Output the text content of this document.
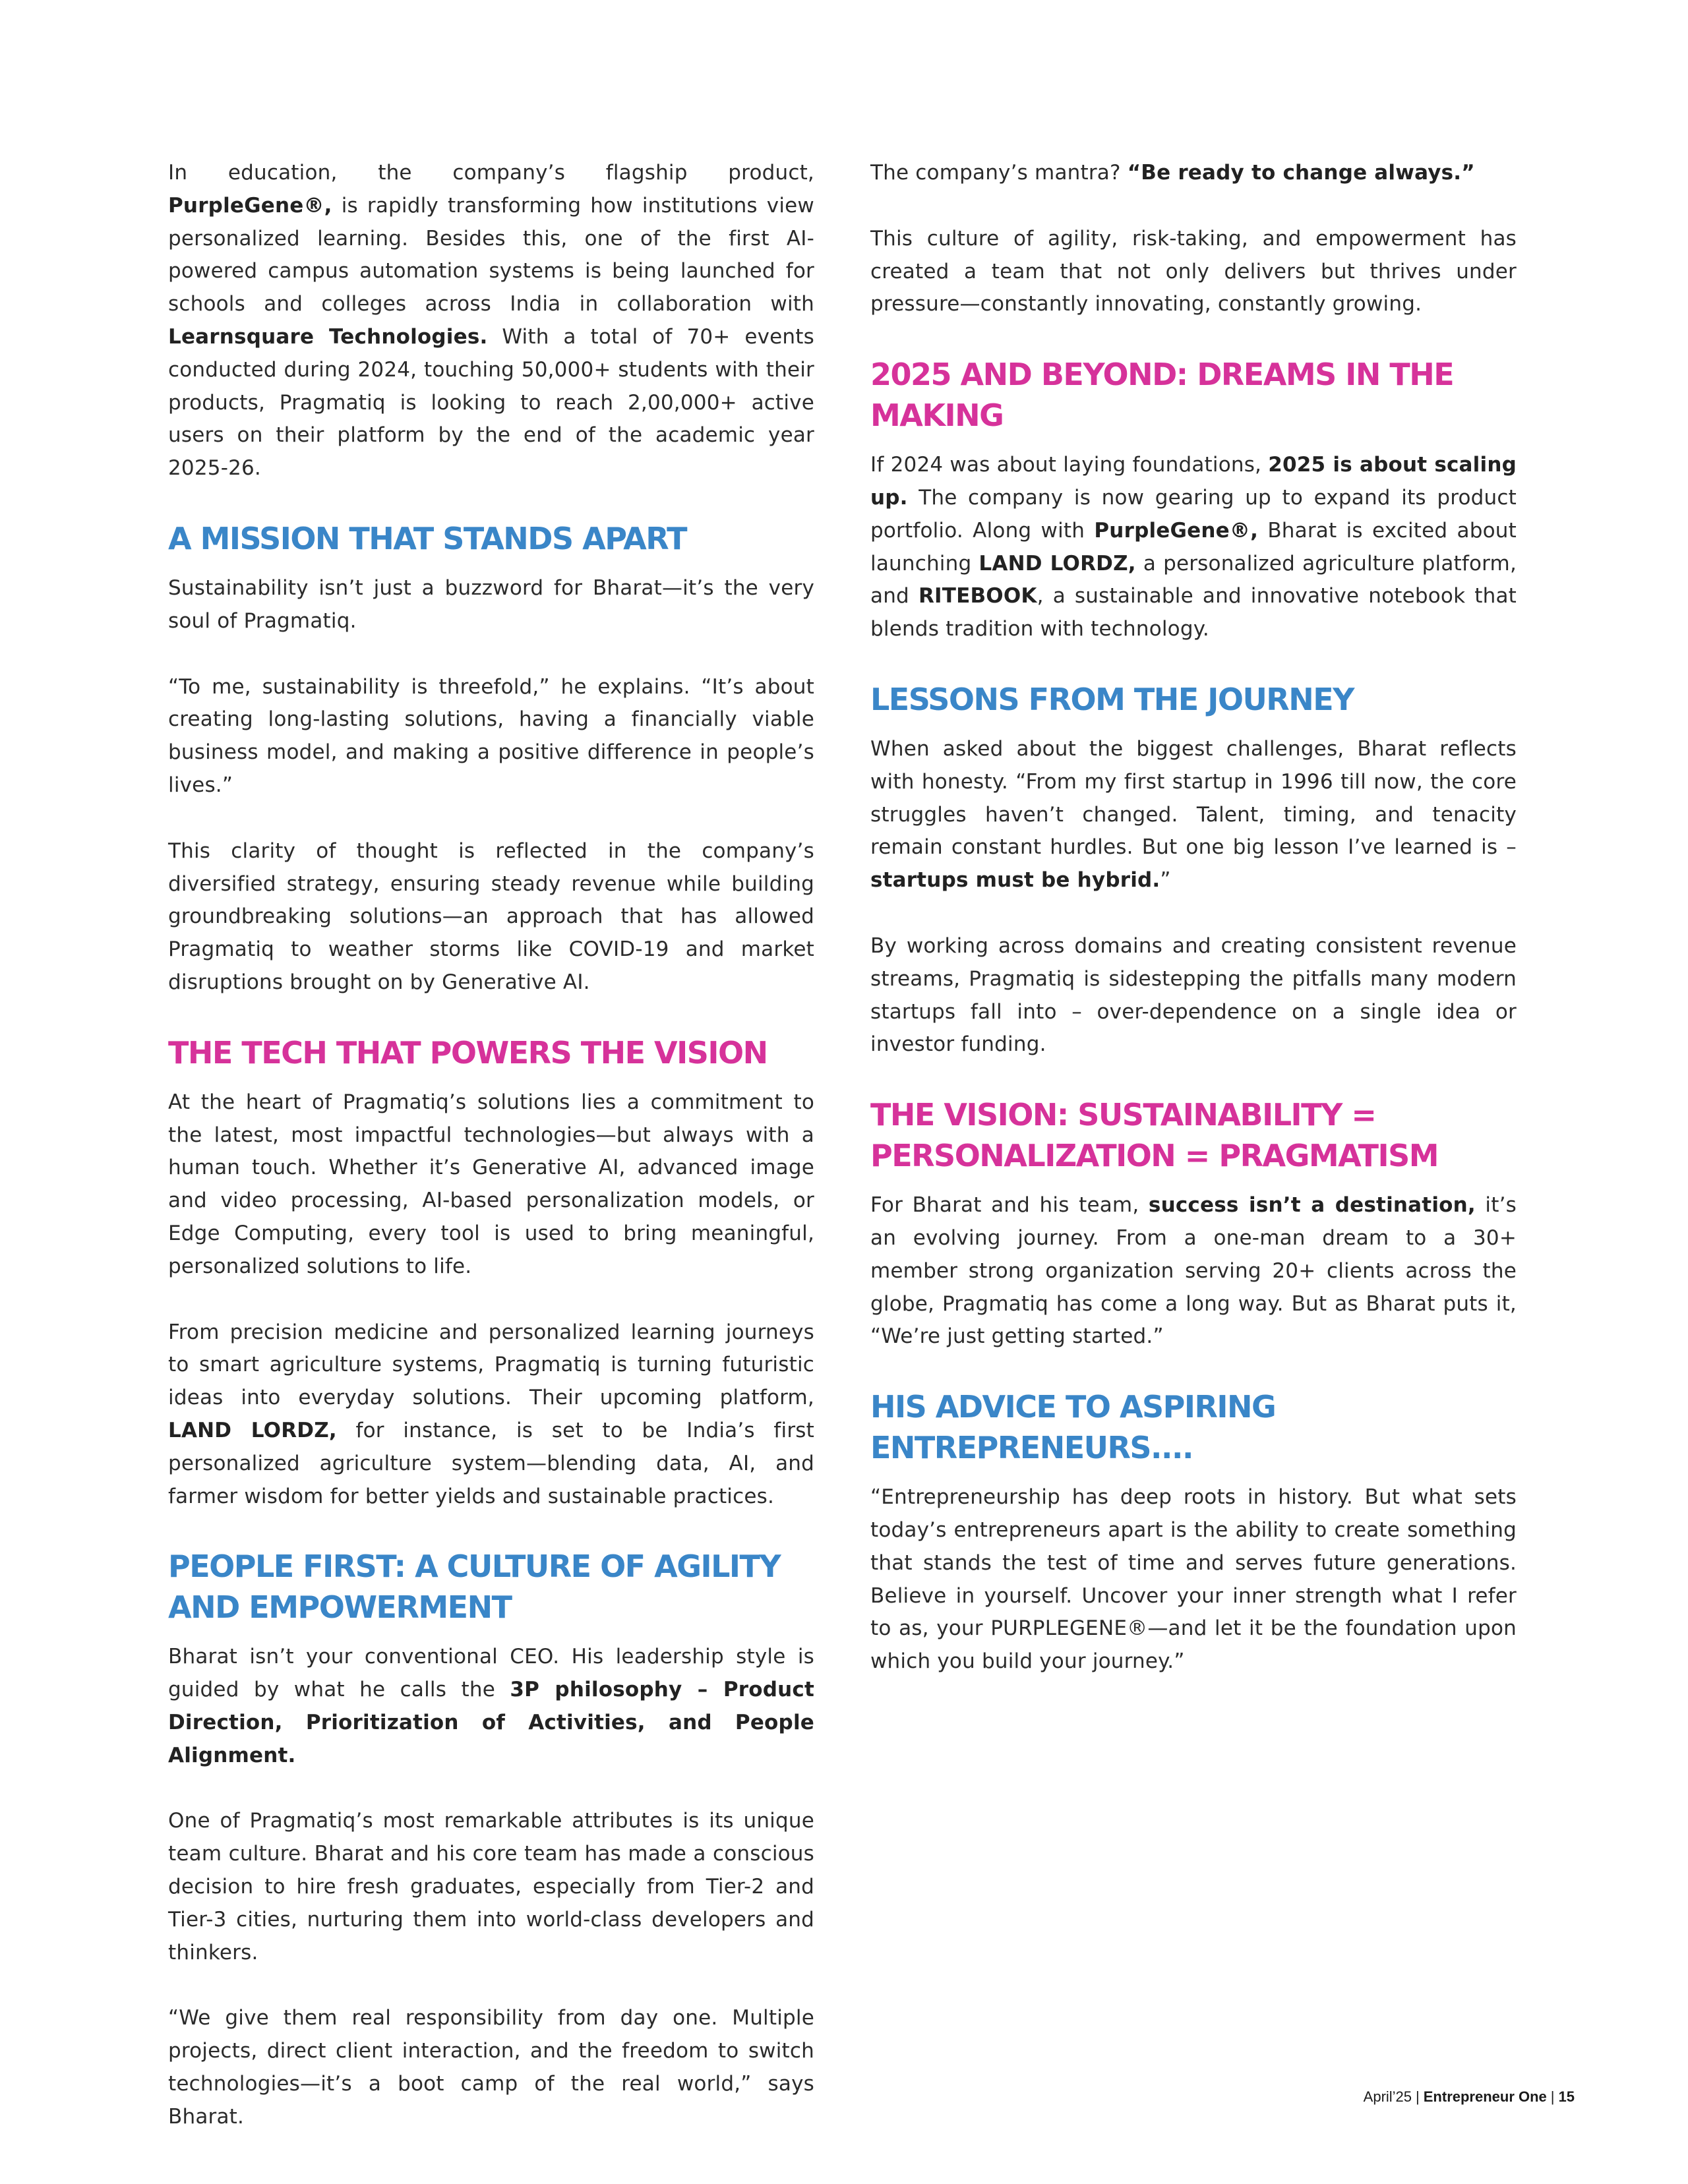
In education, the company’s flagship product, PurpleGene®, is rapidly transforming how institutions view personalized learning. Besides this, one of the first AI-powered campus automation systems is being launched for schools and colleges across India in collaboration with Learnsquare Technologies. With a total of 70+ events conducted during 2024, touching 50,000+ students with their products, Pragmatiq is looking to reach 2,00,000+ active users on their platform by the end of the academic year 2025-26.

A MISSION THAT STANDS APART

Sustainability isn’t just a buzzword for Bharat—it’s the very soul of Pragmatiq.

“To me, sustainability is threefold,” he explains. “It’s about creating long-lasting solutions, having a financially viable business model, and making a positive difference in people’s lives.”

This clarity of thought is reflected in the company’s diversified strategy, ensuring steady revenue while building groundbreaking solutions—an approach that has allowed Pragmatiq to weather storms like COVID-19 and market disruptions brought on by Generative AI.

THE TECH THAT POWERS THE VISION

At the heart of Pragmatiq’s solutions lies a commitment to the latest, most impactful technologies—but always with a human touch. Whether it’s Generative AI, advanced image and video processing, AI-based personalization models, or Edge Computing, every tool is used to bring meaningful, personalized solutions to life.

From precision medicine and personalized learning journeys to smart agriculture systems, Pragmatiq is turning futuristic ideas into everyday solutions. Their upcoming platform, LAND LORDZ, for instance, is set to be India’s first personalized agriculture system—blending data, AI, and farmer wisdom for better yields and sustainable practices.

PEOPLE FIRST: A CULTURE OF AGILITY AND EMPOWERMENT

Bharat isn’t your conventional CEO. His leadership style is guided by what he calls the 3P philosophy – Product Direction, Prioritization of Activities, and People Alignment.

One of Pragmatiq’s most remarkable attributes is its unique team culture. Bharat and his core team has made a conscious decision to hire fresh graduates, especially from Tier-2 and Tier-3 cities, nurturing them into world-class developers and thinkers.

“We give them real responsibility from day one. Multiple projects, direct client interaction, and the freedom to switch technologies—it’s a boot camp of the real world,” says Bharat.

The company’s mantra? “Be ready to change always.”

This culture of agility, risk-taking, and empowerment has created a team that not only delivers but thrives under pressure—constantly innovating, constantly growing.

2025 AND BEYOND: DREAMS IN THE MAKING

If 2024 was about laying foundations, 2025 is about scaling up. The company is now gearing up to expand its product portfolio. Along with PurpleGene®, Bharat is excited about launching LAND LORDZ, a personalized agriculture platform, and RITEBOOK, a sustainable and innovative notebook that blends tradition with technology.

LESSONS FROM THE JOURNEY

When asked about the biggest challenges, Bharat reflects with honesty. “From my first startup in 1996 till now, the core struggles haven’t changed. Talent, timing, and tenacity remain constant hurdles. But one big lesson I’ve learned is – startups must be hybrid.”

By working across domains and creating consistent revenue streams, Pragmatiq is sidestepping the pitfalls many modern startups fall into – over-dependence on a single idea or investor funding.

THE VISION: SUSTAINABILITY = PERSONALIZATION = PRAGMATISM

For Bharat and his team, success isn’t a destination, it’s an evolving journey. From a one-man dream to a 30+ member strong organization serving 20+ clients across the globe, Pragmatiq has come a long way. But as Bharat puts it, “We’re just getting started.”

HIS ADVICE TO ASPIRING ENTREPRENEURS....

“Entrepreneurship has deep roots in history. But what sets today’s entrepreneurs apart is the ability to create something that stands the test of time and serves future generations. Believe in yourself. Uncover your inner strength what I refer to as, your PURPLEGENE®—and let it be the foundation upon which you build your journey.”

April’25 | Entrepreneur One | 15
